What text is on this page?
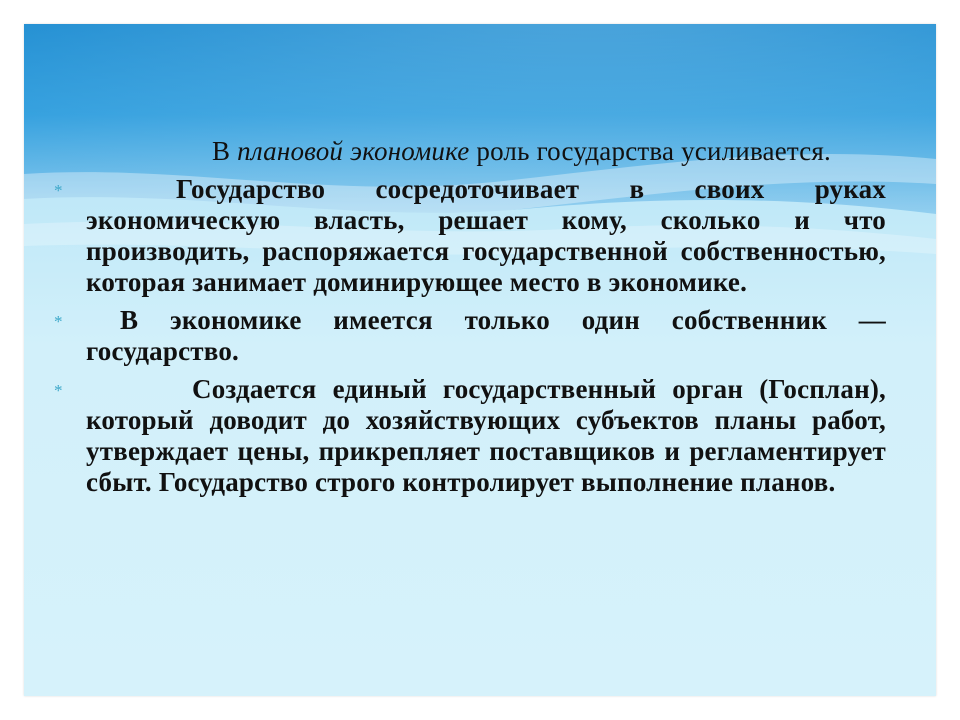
В плановой экономике роль государства усиливается.
*	Государство сосредоточивает в своих руках экономическую власть, решает кому, сколько и что производить, распоряжается государственной собственностью, которая занимает доминирующее место в экономике.
* В экономике имеется только один собственник — государство.
*	Создается единый государственный орган (Госплан), который доводит до хозяйствующих субъектов планы работ, утверждает цены, прикрепляет поставщиков и регламентирует сбыт. Государство строго контролирует выполнение планов.
